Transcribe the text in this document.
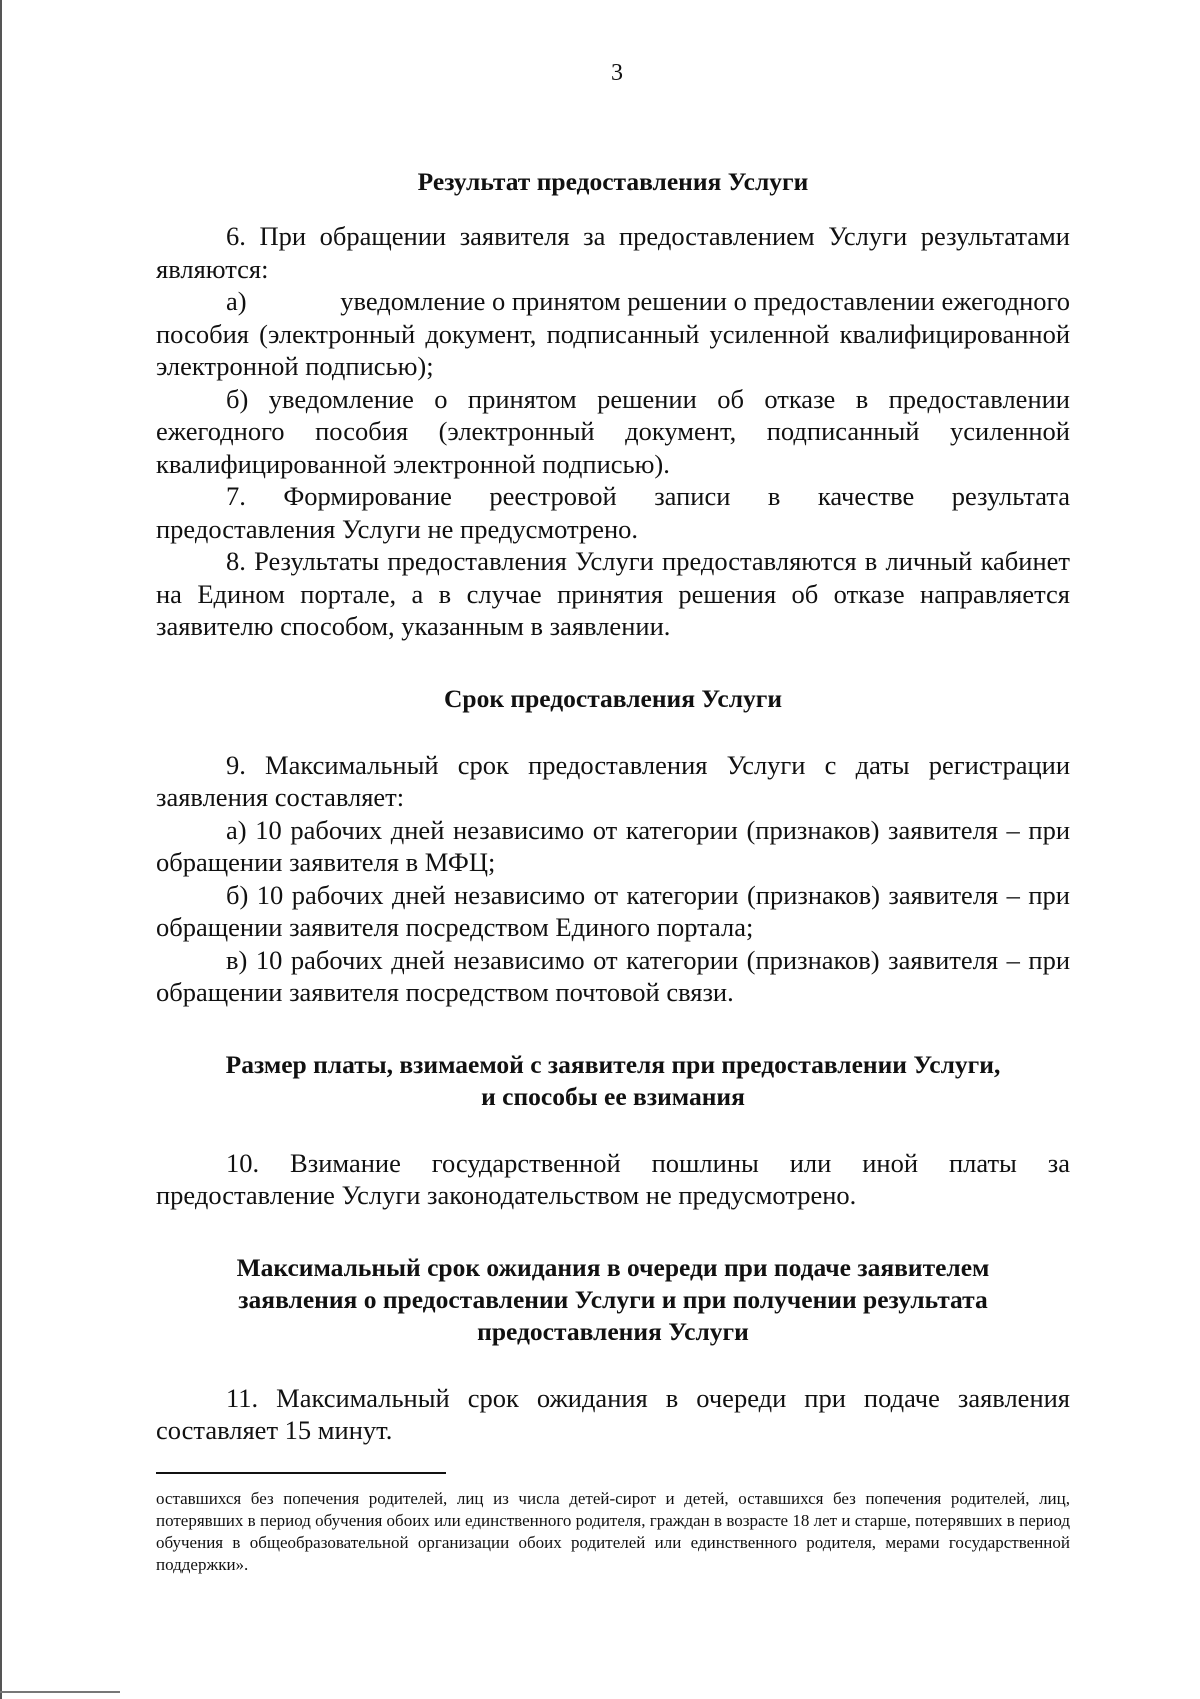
3
Результат предоставления Услуги

6. При обращении заявителя за предоставлением Услуги результатами являются:

а)	уведомление о принятом решении о предоставлении ежегодного

пособия (электронный документ, подписанный усиленной квалифицированной электронной подписью);

б) уведомление о принятом решении об отказе в предоставлении ежегодного пособия (электронный документ, подписанный усиленной квалифицированной электронной подписью).

7. Формирование реестровой записи в качестве результата предоставления Услуги не предусмотрено.

8. Результаты предоставления Услуги предоставляются в личный кабинет на Едином портале, а в случае принятия решения об отказе направляется заявителю способом, указанным в заявлении.

Срок предоставления Услуги

9. Максимальный срок предоставления Услуги с даты регистрации заявления составляет:

а) 10 рабочих дней независимо от категории (признаков) заявителя – при обращении заявителя в МФЦ;

б) 10 рабочих дней независимо от категории (признаков) заявителя – при обращении заявителя посредством Единого портала;

в) 10 рабочих дней независимо от категории (признаков) заявителя – при обращении заявителя посредством почтовой связи.

Размер платы, взимаемой с заявителя при предоставлении Услуги,
и способы ее взимания

10. Взимание государственной пошлины или иной платы за предоставление Услуги законодательством не предусмотрено.

Максимальный срок ожидания в очереди при подаче заявителем
заявления о предоставлении Услуги и при получении результата
предоставления Услуги

11. Максимальный срок ожидания в очереди при подаче заявления составляет 15 минут.

оставшихся без попечения родителей, лиц из числа детей-сирот и детей, оставшихся без попечения родителей, лиц, потерявших в период обучения обоих или единственного родителя, граждан в возрасте 18 лет и старше, потерявших в период обучения в общеобразовательной организации обоих родителей или единственного родителя, мерами государственной поддержки».
